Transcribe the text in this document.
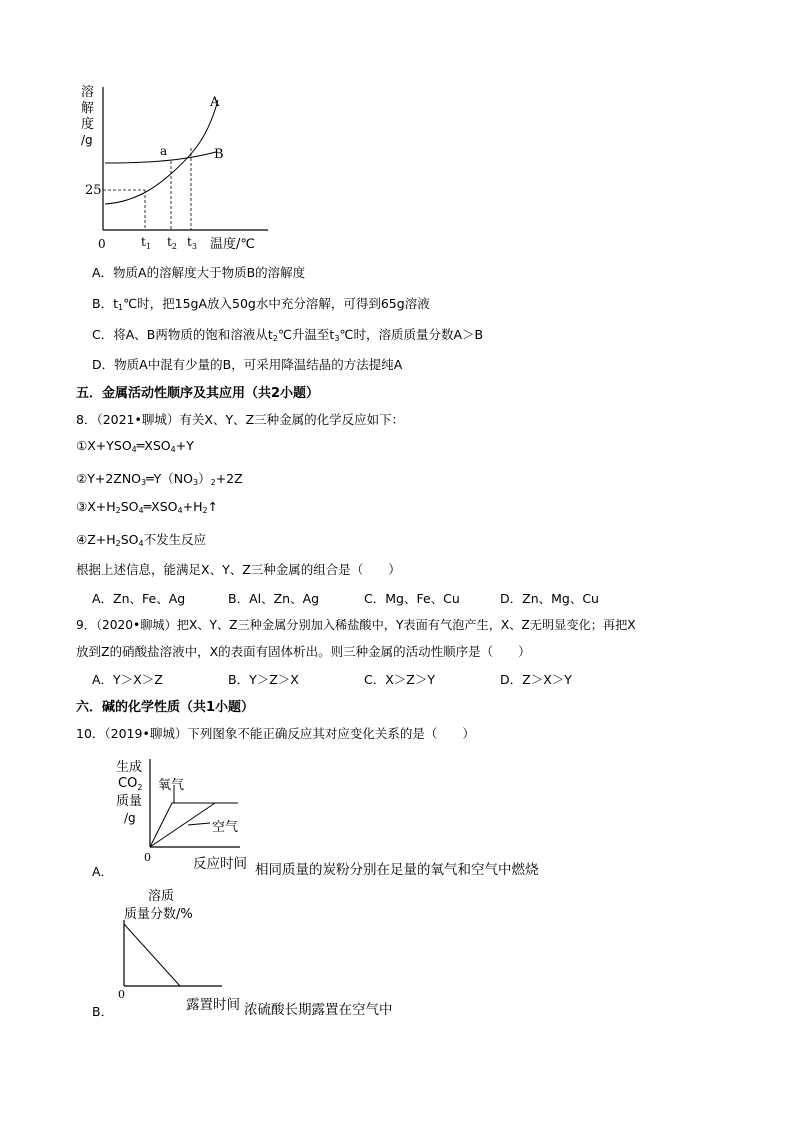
溶
解
度
/g
A
B
a
25
0	$t_1$ $t_2$ $t_3$ 温度/℃
A．物质A的溶解度大于物质B的溶解度
B．$t_1℃$时，把15gA放入50g水中充分溶解，可得到65g溶液
C．将A、B两物质的饱和溶液从$t_2℃$升温至$t_3℃$时，溶质质量分数A＞B
D．物质A中混有少量的B，可采用降温结晶的方法提纯A
五．金属活动性顺序及其应用（共2小题）
8．（2021•聊城）有关X、Y、Z三种金属的化学反应如下：
$①X+YSO_4═XSO_4+Y$
$②Y+2ZNO_3═Y(NO_3)_2+2Z$
$③X+H_2SO_4═XSO_4+H_2↑$
$④Z+H_2SO_4$不发生反应
根据上述信息，能满足X、Y、Z三种金属的组合是（　　）
A．Zn、Fe、Ag	B．Al、Zn、Ag	C．Mg、Fe、Cu	D．Zn、Mg、Cu
9．（2020•聊城）把X、Y、Z三种金属分别加入稀盐酸中，Y表面有气泡产生，X、Z无明显变化；再把X
放到Z的硝酸盐溶液中，X的表面有固体析出。则三种金属的活动性顺序是（　　）
A．Y＞X＞Z	B．Y＞Z＞X	C．X＞Z＞Y	D．Z＞X＞Y
六．碱的化学性质（共1小题）
10．（2019•聊城）下列图象不能正确反应其对应变化关系的是（　　）
生成
$CO_2$
质量
/g
氧气
空气
0
A．	反应时间 相同质量的炭粉分别在足量的氧气和空气中燃烧
溶质
质量分数/%
0
B．	露置时间 浓硫酸长期露置在空气中
